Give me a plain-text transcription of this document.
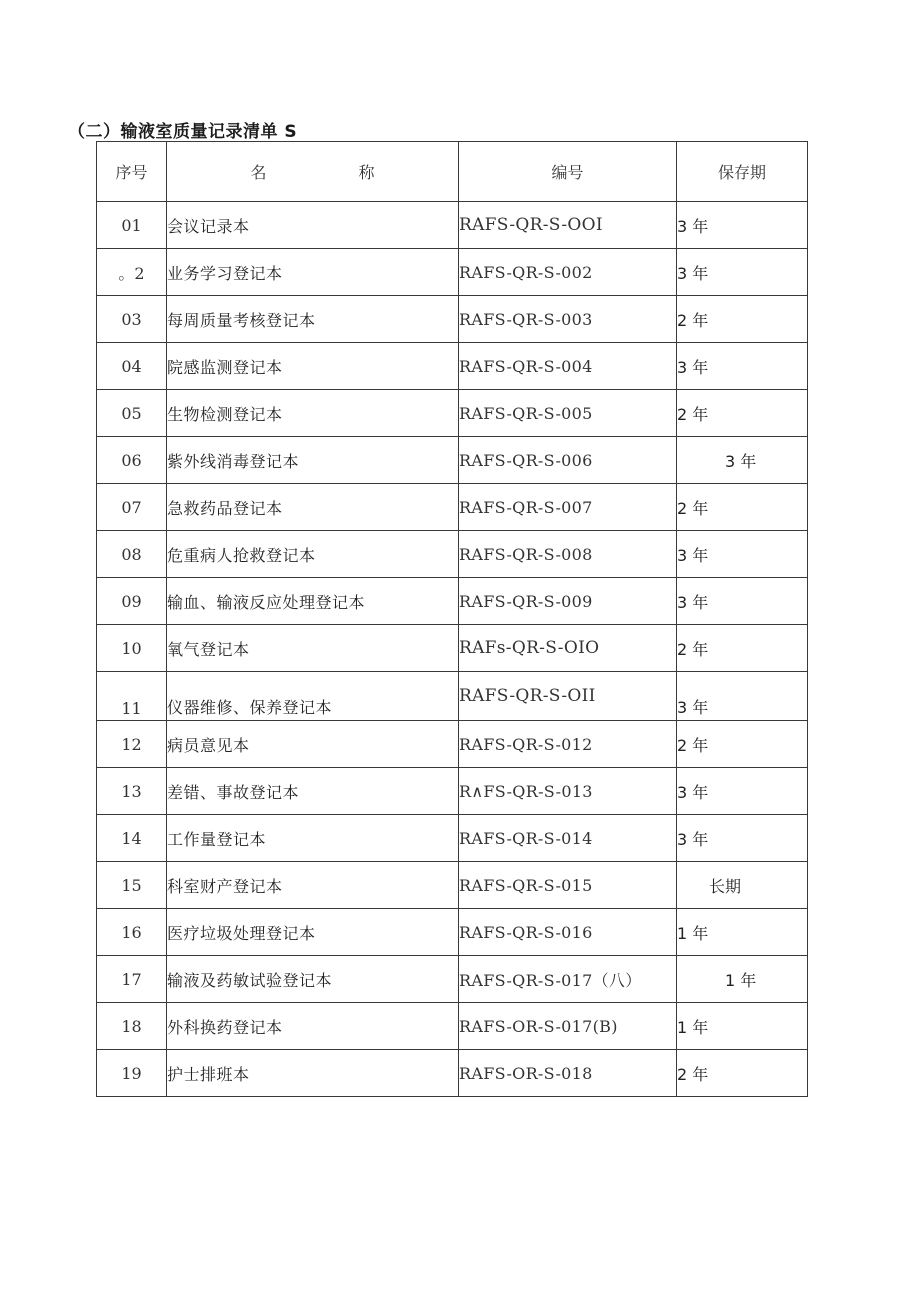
（二）输液室质量记录清单 S
序号	名 称	编号	保存期
01	会议记录本	RAFS-QR-S-OOI	3 年
。2	业务学习登记本	RAFS-QR-S-002	3 年
03	每周质量考核登记本	RAFS-QR-S-003	2 年
04	院感监测登记本	RAFS-QR-S-004	3 年
05	生物检测登记本	RAFS-QR-S-005	2 年
06	紫外线消毒登记本	RAFS-QR-S-006	3 年
07	急救药品登记本	RAFS-QR-S-007	2 年
08	危重病人抢救登记本	RAFS-QR-S-008	3 年
09	输血、输液反应处理登记本	RAFS-QR-S-009	3 年
10	氧气登记本	RAFs-QR-S-OIO	2 年
11	仪器维修、保养登记本	RAFS-QR-S-OII	3 年
12	病员意见本	RAFS-QR-S-012	2 年
13	差错、事故登记本	R∧FS-QR-S-013	3 年
14	工作量登记本	RAFS-QR-S-014	3 年
15	科室财产登记本	RAFS-QR-S-015	长期
16	医疗垃圾处理登记本	RAFS-QR-S-016	1 年
17	输液及药敏试验登记本	RAFS-QR-S-017（八）	1 年
18	外科换药登记本	RAFS-OR-S-017(B)	1 年
19	护士排班本	RAFS-OR-S-018	2 年
